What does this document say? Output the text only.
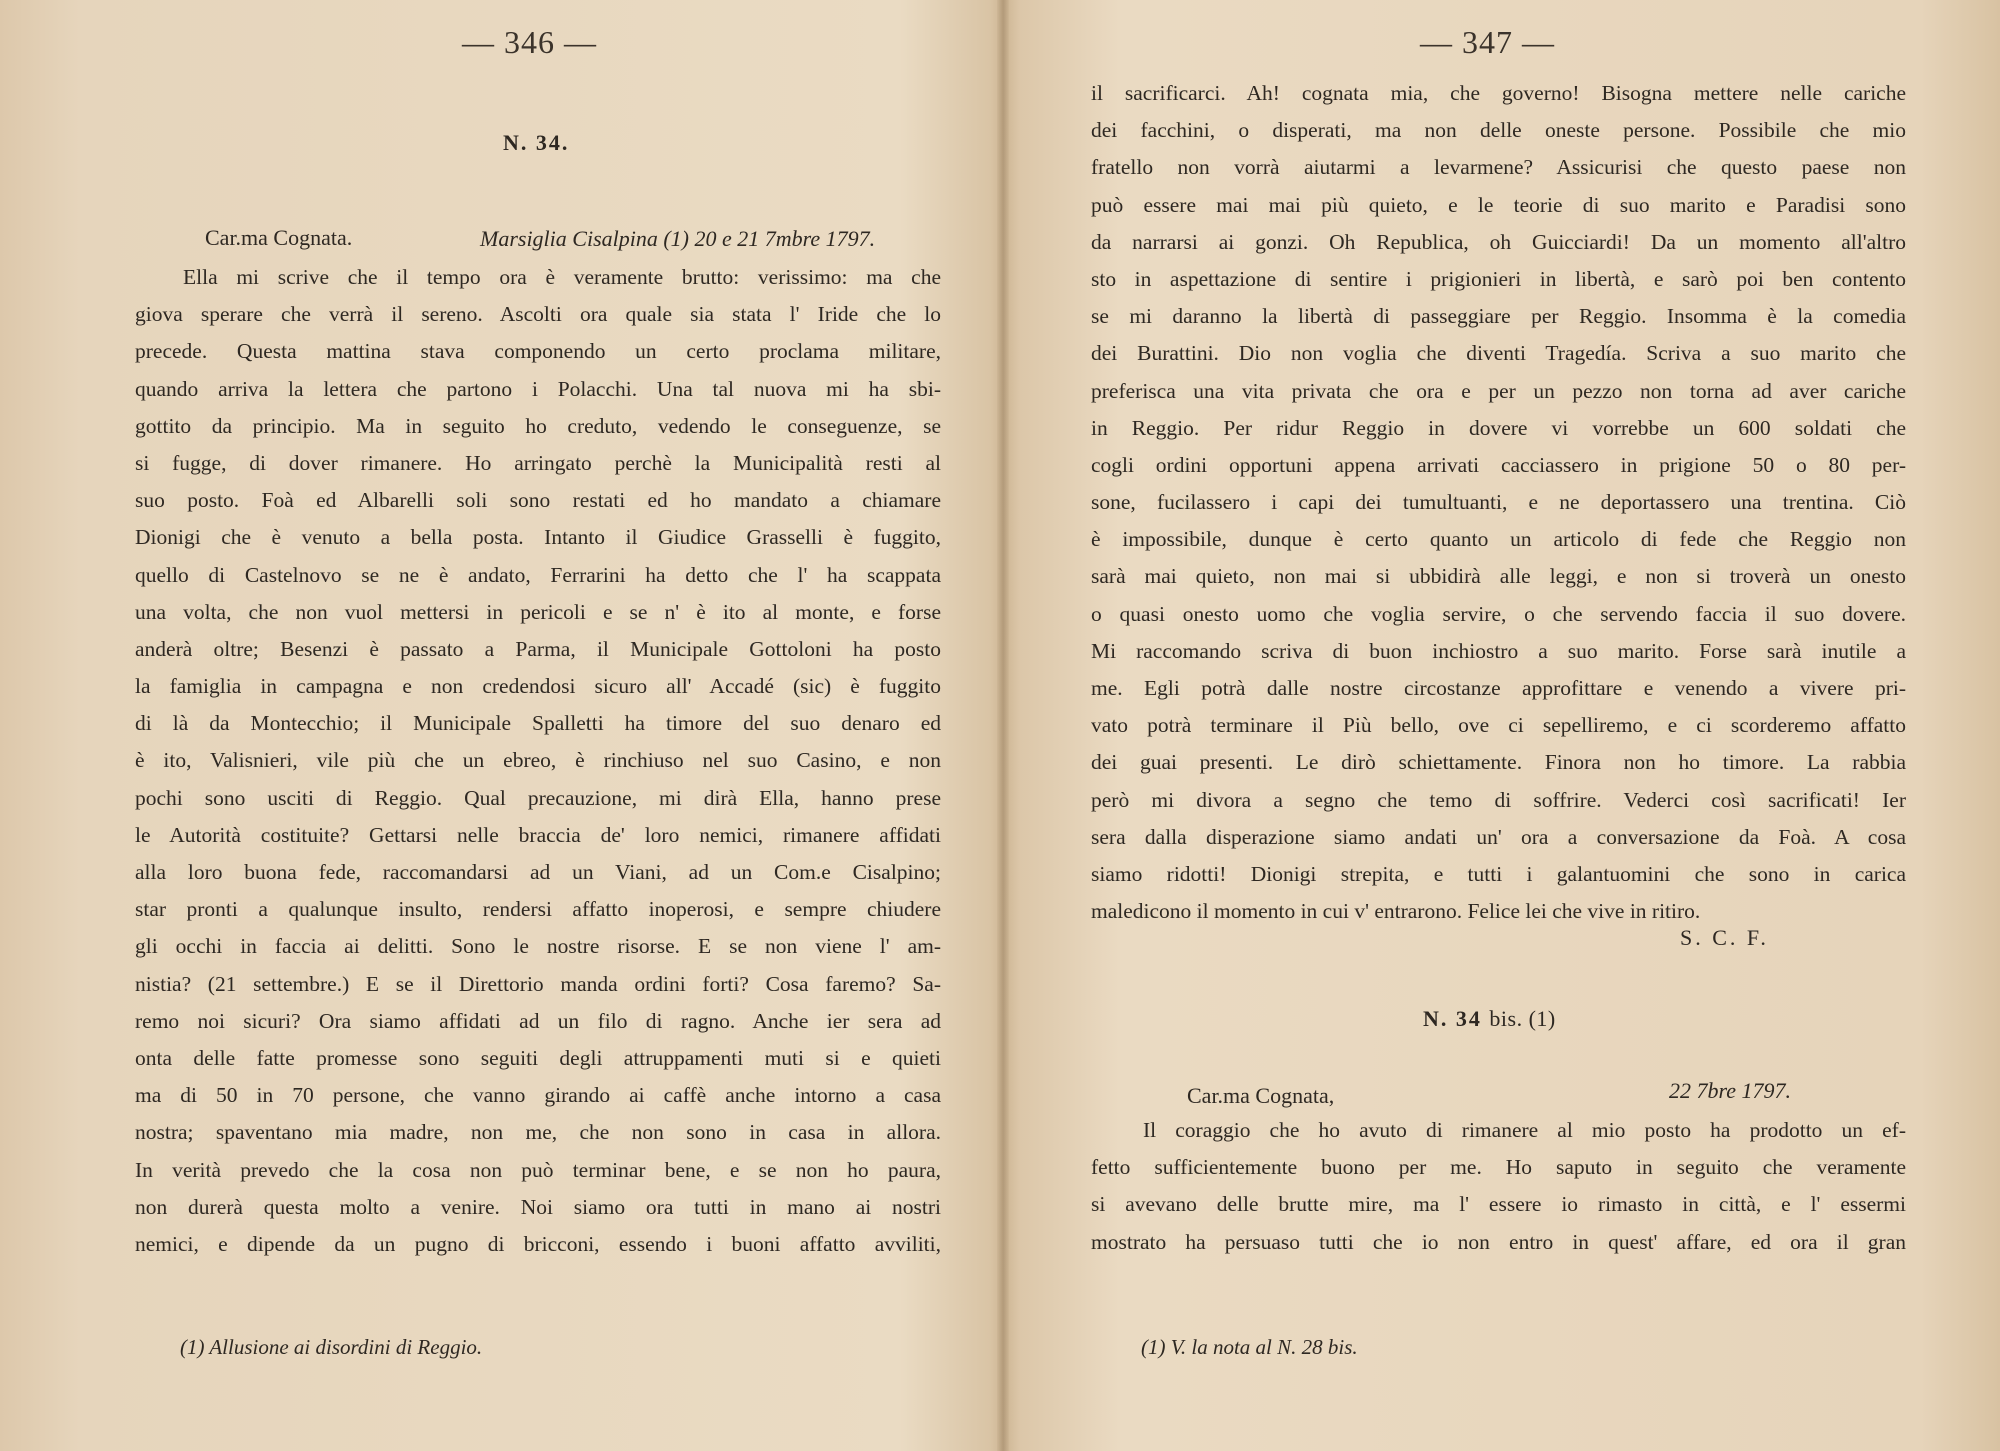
— 346 —
N. 34.
Car.ma Cognata.	Marsiglia Cisalpina (1) 20 e 21 7mbre 1797.
Ella mi scrive che il tempo ora è veramente brutto: verissimo: ma che
giova sperare che verrà il sereno. Ascolti ora quale sia stata l' Iride che lo
precede. Questa mattina stava componendo un certo proclama militare,
quando arriva la lettera che partono i Polacchi. Una tal nuova mi ha sbi-
gottito da principio. Ma in seguito ho creduto, vedendo le conseguenze, se
si fugge, di dover rimanere. Ho arringato perchè la Municipalità resti al
suo posto. Foà ed Albarelli soli sono restati ed ho mandato a chiamare
Dionigi che è venuto a bella posta. Intanto il Giudice Grasselli è fuggito,
quello di Castelnovo se ne è andato, Ferrarini ha detto che l' ha scappata
una volta, che non vuol mettersi in pericoli e se n' è ito al monte, e forse
anderà oltre; Besenzi è passato a Parma, il Municipale Gottoloni ha posto
la famiglia in campagna e non credendosi sicuro all' Accadé (sic) è fuggito
di là da Montecchio; il Municipale Spalletti ha timore del suo denaro ed
è ito, Valisnieri, vile più che un ebreo, è rinchiuso nel suo Casino, e non
pochi sono usciti di Reggio. Qual precauzione, mi dirà Ella, hanno prese
le Autorità costituite? Gettarsi nelle braccia de' loro nemici, rimanere affidati
alla loro buona fede, raccomandarsi ad un Viani, ad un Com.e Cisalpino;
star pronti a qualunque insulto, rendersi affatto inoperosi, e sempre chiudere
gli occhi in faccia ai delitti. Sono le nostre risorse. E se non viene l' am-
nistia? (21 settembre.) E se il Direttorio manda ordini forti? Cosa faremo? Sa-
remo noi sicuri? Ora siamo affidati ad un filo di ragno. Anche ier sera ad
onta delle fatte promesse sono seguiti degli attruppamenti muti si e quieti
ma di 50 in 70 persone, che vanno girando ai caffè anche intorno a casa
nostra; spaventano mia madre, non me, che non sono in casa in allora.
In verità prevedo che la cosa non può terminar bene, e se non ho paura,
non durerà questa molto a venire. Noi siamo ora tutti in mano ai nostri
nemici, e dipende da un pugno di bricconi, essendo i buoni affatto avviliti,
(1) Allusione ai disordini di Reggio.
— 347 —
il sacrificarci. Ah! cognata mia, che governo! Bisogna mettere nelle cariche
dei facchini, o disperati, ma non delle oneste persone. Possibile che mio
fratello non vorrà aiutarmi a levarmene? Assicurisi che questo paese non
può essere mai mai più quieto, e le teorie di suo marito e Paradisi sono
da narrarsi ai gonzi. Oh Republica, oh Guicciardi! Da un momento all'altro
sto in aspettazione di sentire i prigionieri in libertà, e sarò poi ben contento
se mi daranno la libertà di passeggiare per Reggio. Insomma è la comedia
dei Burattini. Dio non voglia che diventi Tragedía. Scriva a suo marito che
preferisca una vita privata che ora e per un pezzo non torna ad aver cariche
in Reggio. Per ridur Reggio in dovere vi vorrebbe un 600 soldati che
cogli ordini opportuni appena arrivati cacciassero in prigione 50 o 80 per-
sone, fucilassero i capi dei tumultuanti, e ne deportassero una trentina. Ciò
è impossibile, dunque è certo quanto un articolo di fede che Reggio non
sarà mai quieto, non mai si ubbidirà alle leggi, e non si troverà un onesto
o quasi onesto uomo che voglia servire, o che servendo faccia il suo dovere.
Mi raccomando scriva di buon inchiostro a suo marito. Forse sarà inutile a
me. Egli potrà dalle nostre circostanze approfittare e venendo a vivere pri-
vato potrà terminare il Più bello, ove ci sepelliremo, e ci scorderemo affatto
dei guai presenti. Le dirò schiettamente. Finora non ho timore. La rabbia
però mi divora a segno che temo di soffrire. Vederci così sacrificati! Ier
sera dalla disperazione siamo andati un' ora a conversazione da Foà. A cosa
siamo ridotti! Dionigi strepita, e tutti i galantuomini che sono in carica
maledicono il momento in cui v' entrarono. Felice lei che vive in ritiro.
S. C. F.
N. 34 bis. (1)
Car.ma Cognata,	22 7bre 1797.
Il coraggio che ho avuto di rimanere al mio posto ha prodotto un ef-
fetto sufficientemente buono per me. Ho saputo in seguito che veramente
si avevano delle brutte mire, ma l' essere io rimasto in città, e l' essermi
mostrato ha persuaso tutti che io non entro in quest' affare, ed ora il gran
(1) V. la nota al N. 28 bis.
